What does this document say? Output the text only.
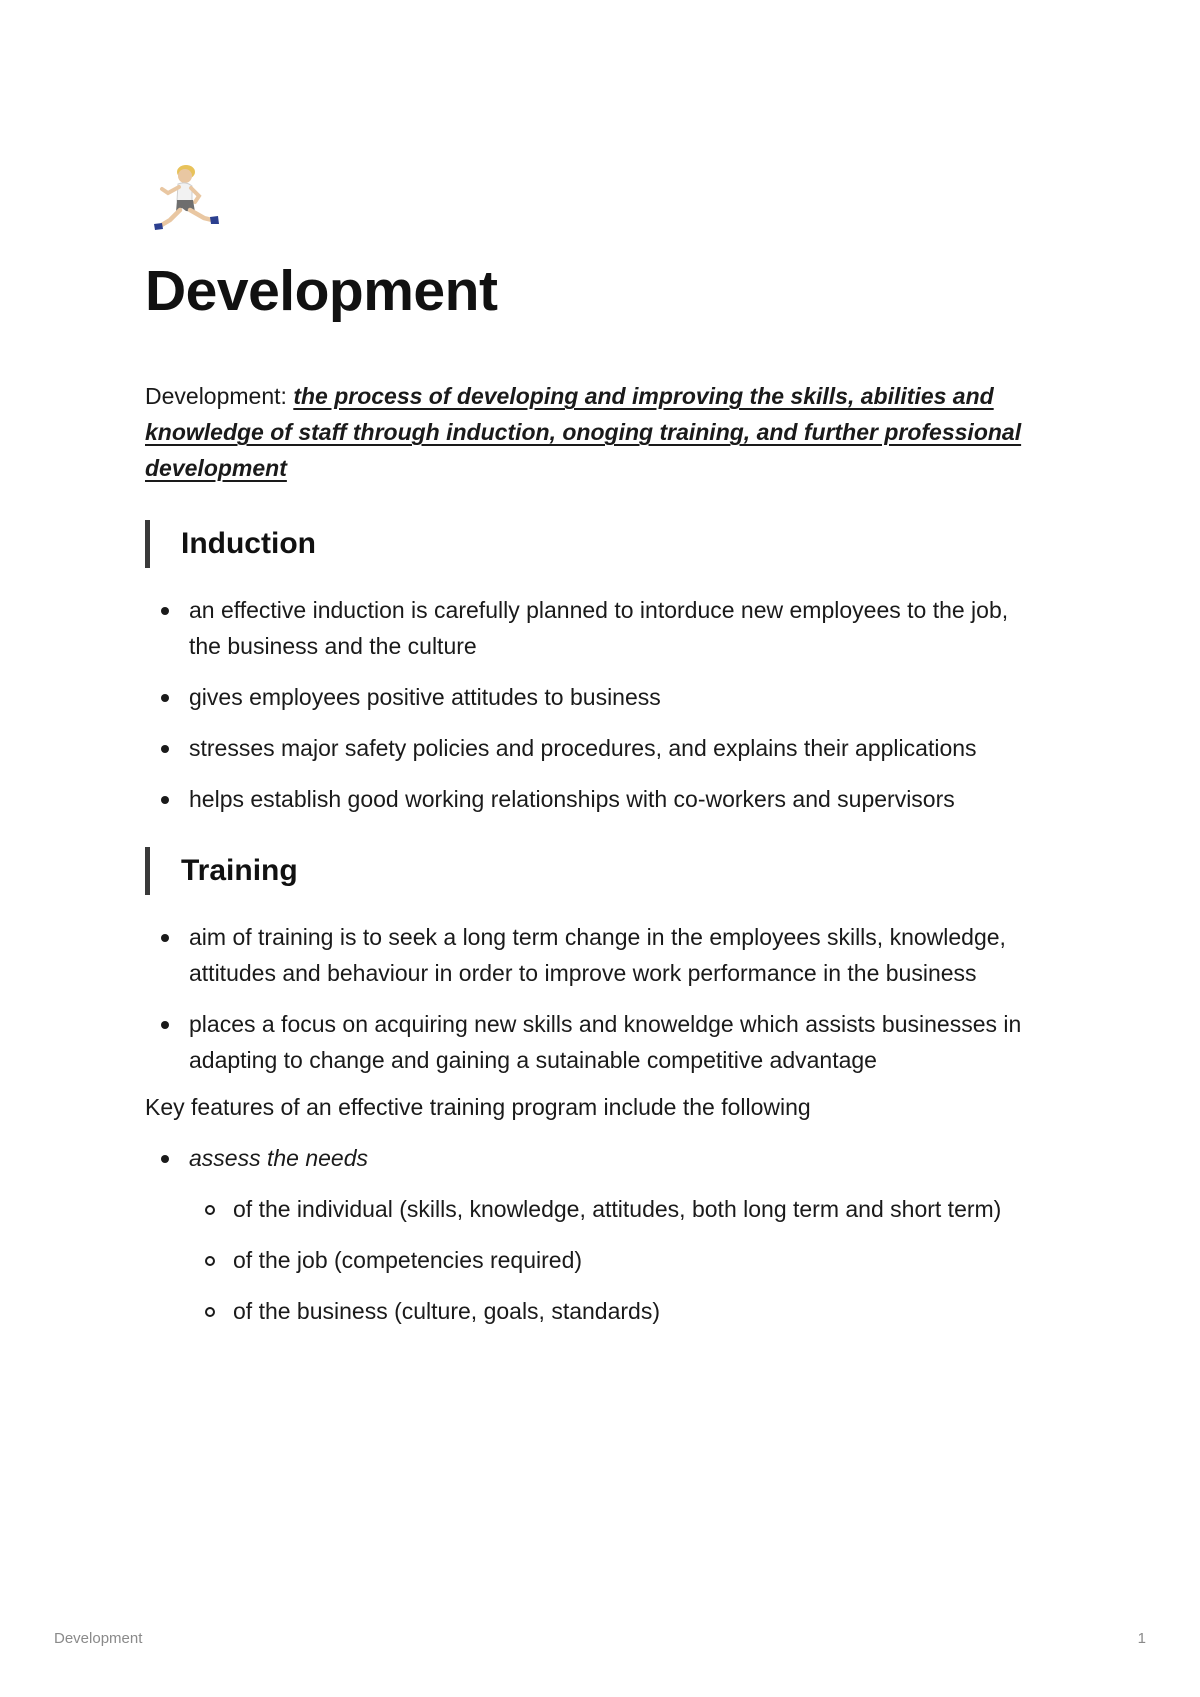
Development

Development: the process of developing and improving the skills, abilities and knowledge of staff through induction, onoging training, and further professional development

Induction
an effective induction is carefully planned to intorduce new employees to the job, the business and the culture
gives employees positive attitudes to business
stresses major safety policies and procedures, and explains their applications
helps establish good working relationships with co-workers and supervisors
Training
aim of training is to seek a long term change in the employees skills, knowledge, attitudes and behaviour in order to improve work performance in the business
places a focus on acquiring new skills and knoweldge which assists businesses in adapting to change and gaining a sutainable competitive advantage

Key features of an effective training program include the following

assess the needs
of the individual (skills, knowledge, attitudes, both long term and short term)
of the job (competencies required)
of the business (culture, goals, standards)
Development	1
